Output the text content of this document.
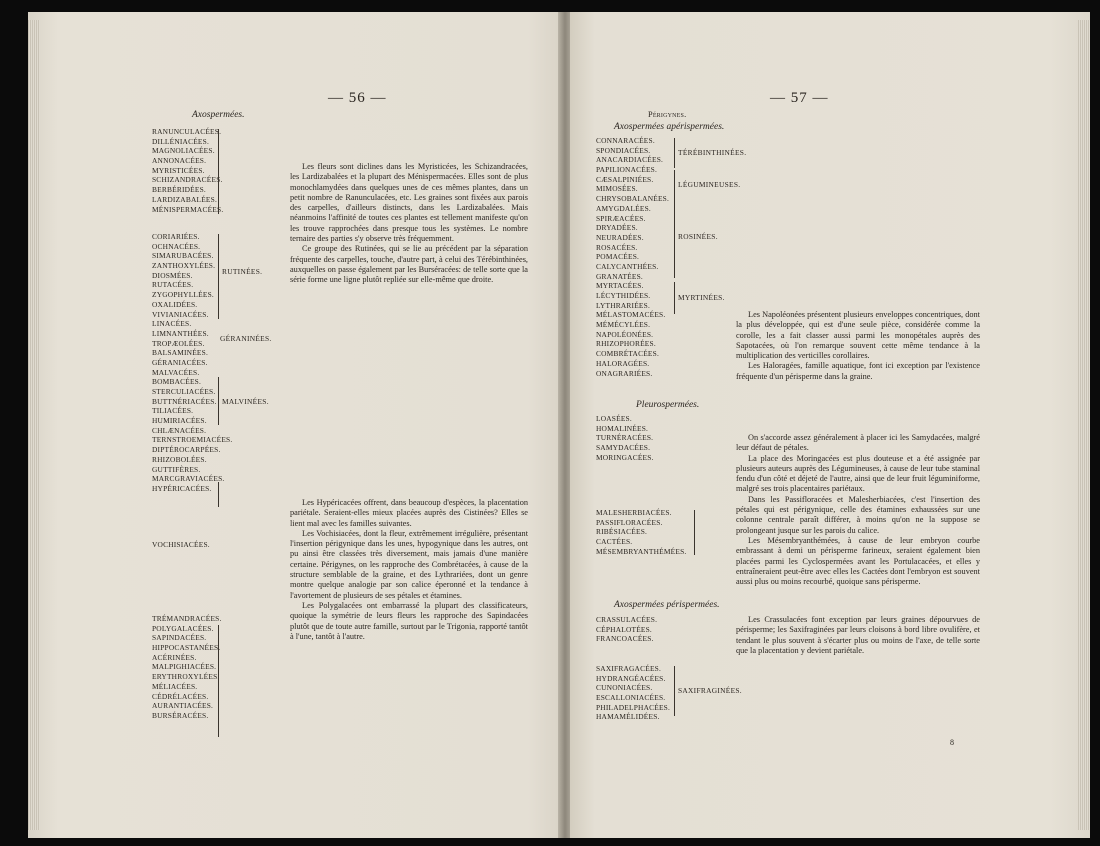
— 56 —
Axospermées.
RANUNCULACÉES.
DILLÉNIACÉES.
MAGNOLIACÉES.
ANNONACÉES.
MYRISTICÉES.
SCHIZANDRACÉES.
BERBÉRIDÉES.
LARDIZABALÉES.
MÉNISPERMACÉES.
CORIARIÉES.
OCHNACÉES.
SIMARUBACÉES.
ZANTHOXYLÉES.
DIOSMÉES.
RUTACÉES.
ZYGOPHYLLÉES.
OXALIDÉES.
VIVIANIACÉES.
LINACÉES.
LIMNANTHÉES.
TROPÆOLÉES.
BALSAMINÉES.
GÉRANIACÉES.
MALVACÉES.
BOMBACÉES.
STERCULIACÉES.
BUTTNÉRIACÉES.
TILIACÉES.
HUMIRIACÉES.
CHLÆNACÉES.
TERNSTROEMIACÉES.
DIPTÉROCARPÉES.
RHIZOBOLÉES.
GUTTIFÈRES.
MARCGRAVIACÉES.
HYPÉRICACÉES.
RUTINÉES.
GÉRANINÉES.
MALVINÉES.
VOCHISIACÉES.
TRÉMANDRACÉES.
POLYGALACÉES.
SAPINDACÉES.
HIPPOCASTANÉES.
ACÉRINÉES.
MALPIGHIACÉES.
ERYTHROXYLÉES.
MÉLIACÉES.
CÉDRÉLACÉES.
AURANTIACÉES.
BURSÉRACÉES.

Les fleurs sont diclines dans les Myristicées, les Schizandracées, les Lardizabalées et la plupart des Ménispermacées. Elles sont de plus monochlamydées dans quelques unes de ces mêmes plantes, dans un petit nombre de Ranunculacées, etc. Les graines sont fixées aux parois des carpelles, d'ailleurs distincts, dans les Lardizabalées. Mais néanmoins l'affinité de toutes ces plantes est tellement manifeste qu'on les trouve rapprochées dans presque tous les systèmes. Le nombre ternaire des parties s'y observe très fréquemment.

Ce groupe des Rutinées, qui se lie au précédent par la séparation fréquente des carpelles, touche, d'autre part, à celui des Térébinthinées, auxquelles on passe également par les Burséracées: de telle sorte que la série forme une ligne plutôt repliée sur elle-même que droite.

Les Hypéricacées offrent, dans beaucoup d'espèces, la placentation pariétale. Seraient-elles mieux placées auprès des Cistinées? Elles se lient mal avec les familles suivantes.

Les Vochisiacées, dont la fleur, extrêmement irrégulière, présentant l'insertion périgynique dans les unes, hypogynique dans les autres, ont pu ainsi être classées très diversement, mais jamais d'une manière certaine. Périgynes, on les rapproche des Combrétacées, à cause de la structure semblable de la graine, et des Lythrariées, dont un genre montre quelque analogie par son calice éperonné et la tendance à l'avortement de plusieurs de ses pétales et étamines.

Les Polygalacées ont embarrassé la plupart des classificateurs, quoique la symétrie de leurs fleurs les rapproche des Sapindacées plutôt que de toute autre famille, surtout par le Trigonia, rapporté tantôt à l'une, tantôt à l'autre.

— 57 —
Périgynes.
Axospermées apérispermées.
CONNARACÉES.
SPONDIACÉES.
ANACARDIACÉES.
PAPILIONACÉES.
CÆSALPINIÉES.
MIMOSÉES.
CHRYSOBALANÉES.
AMYGDALÉES.
SPIRÆACÉES.
DRYADÉES.
NEURADÉES.
ROSACÉES.
POMACÉES.
CALYCANTHÉES.
GRANATÉES.
MYRTACÉES.
LÉCYTHIDÉES.
LYTHRARIÉES.
MÉLASTOMACÉES.
MÉMÉCYLÉES.
NAPOLÉONÉES.
RHIZOPHORÉES.
COMBRÉTACÉES.
HALORAGÉES.
ONAGRARIÉES.
TÉRÉBINTHINÉES.
LÉGUMINEUSES.
ROSINÉES.
MYRTINÉES.
Pleurospermées.
LOASÉES.
HOMALINÉES.
TURNÉRACÉES.
SAMYDACÉES.
MORINGACÉES.
MALESHERBIACÉES.
PASSIFLORACÉES.
RIBÉSIACÉES.
CACTÉES.
MÉSEMBRYANTHÉMÉES.
Axospermées périspermées.
CRASSULACÉES.
CÉPHALOTÉES.
FRANCOACÉES.
SAXIFRAGACÉES.
HYDRANGÉACÉES.
CUNONIACÉES.
ESCALLONIACÉES.
PHILADELPHACÉES.
HAMAMÉLIDÉES.
SAXIFRAGINÉES.

Les Napoléonées présentent plusieurs enveloppes concentriques, dont la plus développée, qui est d'une seule pièce, considérée comme la corolle, les a fait classer aussi parmi les monopétales auprès des Sapotacées, où l'on remarque souvent cette même tendance à la multiplication des verticilles corollaires.

Les Haloragées, famille aquatique, font ici exception par l'existence fréquente d'un périsperme dans la graine.

On s'accorde assez généralement à placer ici les Samydacées, malgré leur défaut de pétales.

La place des Moringacées est plus douteuse et a été assignée par plusieurs auteurs auprès des Légumineuses, à cause de leur tube staminal fendu d'un côté et déjeté de l'autre, ainsi que de leur fruit léguminiforme, malgré ses trois placentaires pariétaux.

Dans les Passifloracées et Malesherbiacées, c'est l'insertion des pétales qui est périgynique, celle des étamines exhaussées sur une colonne centrale paraît différer, à moins qu'on ne la suppose se prolongeant jusque sur les parois du calice.

Les Mésembryanthémées, à cause de leur embryon courbe embrassant à demi un périsperme farineux, seraient également bien placées parmi les Cyclospermées avant les Portulacacées, et elles y entraîneraient peut-être avec elles les Cactées dont l'embryon est souvent aussi plus ou moins recourbé, quoique sans périsperme.

Les Crassulacées font exception par leurs graines dépourvues de périsperme; les Saxifraginées par leurs cloisons à bord libre ovulifère, et tendant le plus souvent à s'écarter plus ou moins de l'axe, de telle sorte que la placentation y devient pariétale.

8
